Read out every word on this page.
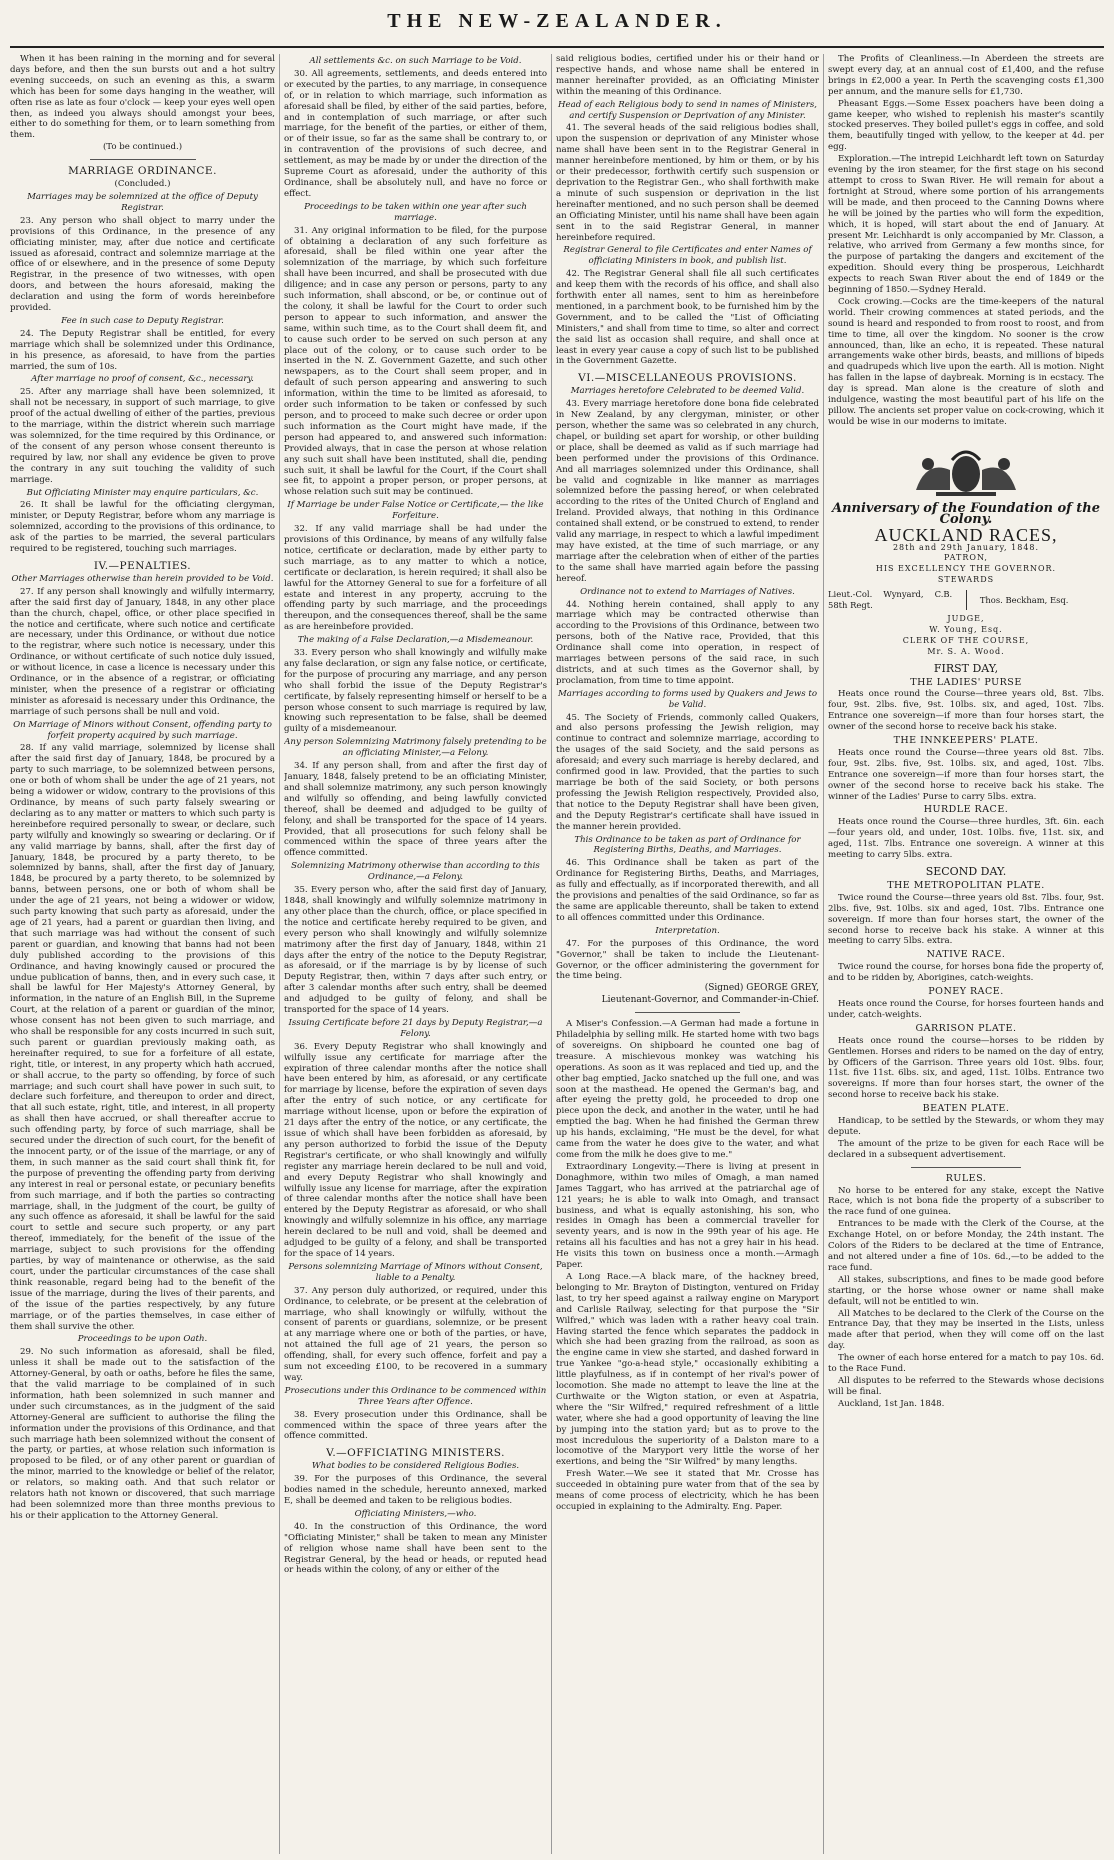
THE NEW-ZEALANDER.

When it has been raining in the morning and for several days before, and then the sun bursts out and a hot sultry evening succeeds, on such an evening as this, a swarm which has been for some days hanging in the weather, will often rise as late as four o'clock — keep your eyes well open then, as indeed you always should amongst your bees, either to do something for them, or to learn something from them.

(To be continued.)

MARRIAGE ORDINANCE.

(Concluded.)

Marriages may be solemnized at the office of Deputy Registrar.

23. Any person who shall object to marry under the provisions of this Ordinance, in the presence of any officiating minister, may, after due notice and certificate issued as aforesaid, contract and solemnize marriage at the office of or elsewhere, and in the presence of some Deputy Registrar, in the presence of two witnesses, with open doors, and between the hours aforesaid, making the declaration and using the form of words hereinbefore provided.

Fee in such case to Deputy Registrar.

24. The Deputy Registrar shall be entitled, for every marriage which shall be solemnized under this Ordinance, in his presence, as aforesaid, to have from the parties married, the sum of 10s.

After marriage no proof of consent, &c., necessary.

25. After any marriage shall have been solemnized, it shall not be necessary, in support of such marriage, to give proof of the actual dwelling of either of the parties, previous to the marriage, within the district wherein such marriage was solemnized, for the time required by this Ordinance, or of the consent of any person whose consent thereunto is required by law, nor shall any evidence be given to prove the contrary in any suit touching the validity of such marriage.

But Officiating Minister may enquire particulars, &c.

26. It shall be lawful for the officiating clergyman, minister, or Deputy Registrar, before whom any marriage is solemnized, according to the provisions of this ordinance, to ask of the parties to be married, the several particulars required to be registered, touching such marriages.

IV.—PENALTIES.

Other Marriages otherwise than herein provided to be Void.

27. If any person shall knowingly and wilfully intermarry, after the said first day of January, 1848, in any other place than the church, chapel, office, or other place specified in the notice and certificate, where such notice and certificate are necessary, under this Ordinance, or without due notice to the registrar, where such notice is necessary, under this Ordinance, or without certificate of such notice duly issued, or without licence, in case a licence is necessary under this Ordinance, or in the absence of a registrar, or officiating minister, when the presence of a registrar or officiating minister as aforesaid is necessary under this Ordinance, the marriage of such persons shall be null and void.

On Marriage of Minors without Consent, offending party to forfeit property acquired by such marriage.

28. If any valid marriage, solemnized by license shall after the said first day of January, 1848, be procured by a party to such marriage, to be solemnized between persons, one or both of whom shall be under the age of 21 years, not being a widower or widow, contrary to the provisions of this Ordinance, by means of such party falsely swearing or declaring as to any matter or matters to which such party is hereinbefore required personally to swear, or declare, such party wilfully and knowingly so swearing or declaring. Or if any valid marriage by banns, shall, after the first day of January, 1848, be procured by a party thereto, to be solemnized by banns, shall, after the first day of January, 1848, be procured by a party thereto, to be solemnized by banns, between persons, one or both of whom shall be under the age of 21 years, not being a widower or widow, such party knowing that such party as aforesaid, under the age of 21 years, had a parent or guardian then living, and that such marriage was had without the consent of such parent or guardian, and knowing that banns had not been duly published according to the provisions of this Ordinance, and having knowingly caused or procured the undue publication of banns, then, and in every such case, it shall be lawful for Her Majesty's Attorney General, by information, in the nature of an English Bill, in the Supreme Court, at the relation of a parent or guardian of the minor, whose consent has not been given to such marriage, and who shall be responsible for any costs incurred in such suit, such parent or guardian previously making oath, as hereinafter required, to sue for a forfeiture of all estate, right, title, or interest, in any property which hath accrued, or shall accrue, to the party so offending, by force of such marriage; and such court shall have power in such suit, to declare such forfeiture, and thereupon to order and direct, that all such estate, right, title, and interest, in all property as shall then have accrued, or shall thereafter accrue to such offending party, by force of such marriage, shall be secured under the direction of such court, for the benefit of the innocent party, or of the issue of the marriage, or any of them, in such manner as the said court shall think fit, for the purpose of preventing the offending party from deriving any interest in real or personal estate, or pecuniary benefits from such marriage, and if both the parties so contracting marriage, shall, in the judgment of the court, be guilty of any such offence as aforesaid, it shall be lawful for the said court to settle and secure such property, or any part thereof, immediately, for the benefit of the issue of the marriage, subject to such provisions for the offending parties, by way of maintenance or otherwise, as the said court, under the particular circumstances of the case shall think reasonable, regard being had to the benefit of the issue of the marriage, during the lives of their parents, and of the issue of the parties respectively, by any future marriage, or of the parties themselves, in case either of them shall survive the other.

Proceedings to be upon Oath.

29. No such information as aforesaid, shall be filed, unless it shall be made out to the satisfaction of the Attorney-General, by oath or oaths, before he files the same, that the valid marriage to be complained of in such information, hath been solemnized in such manner and under such circumstances, as in the judgment of the said Attorney-General are sufficient to authorise the filing the information under the provisions of this Ordinance, and that such marriage hath been solemnized without the consent of the party, or parties, at whose relation such information is proposed to be filed, or of any other parent or guardian of the minor, married to the knowledge or belief of the relator, or relators, so making oath. And that such relator or relators hath not known or discovered, that such marriage had been solemnized more than three months previous to his or their application to the Attorney General.

All settlements &c. on such Marriage to be Void.

30. All agreements, settlements, and deeds entered into or executed by the parties, to any marriage, in consequence of, or in relation to which marriage, such information as aforesaid shall be filed, by either of the said parties, before, and in contemplation of such marriage, or after such marriage, for the benefit of the parties, or either of them, or of their issue, so far as the same shall be contrary to, or in contravention of the provisions of such decree, and settlement, as may be made by or under the direction of the Supreme Court as aforesaid, under the authority of this Ordinance, shall be absolutely null, and have no force or effect.

Proceedings to be taken within one year after such marriage.

31. Any original information to be filed, for the purpose of obtaining a declaration of any such forfeiture as aforesaid, shall be filed within one year after the solemnization of the marriage, by which such forfeiture shall have been incurred, and shall be prosecuted with due diligence; and in case any person or persons, party to any such information, shall abscond, or be, or continue out of the colony, it shall be lawful for the Court to order such person to appear to such information, and answer the same, within such time, as to the Court shall deem fit, and to cause such order to be served on such person at any place out of the colony, or to cause such order to be inserted in the N. Z. Government Gazette, and such other newspapers, as to the Court shall seem proper, and in default of such person appearing and answering to such information, within the time to be limited as aforesaid, to order such information to be taken or confessed by such person, and to proceed to make such decree or order upon such information as the Court might have made, if the person had appeared to, and answered such information: Provided always, that in case the person at whose relation any such suit shall have been instituted, shall die, pending such suit, it shall be lawful for the Court, if the Court shall see fit, to appoint a proper person, or proper persons, at whose relation such suit may be continued.

If Marriage be under False Notice or Certificate,— the like Forfeiture.

32. If any valid marriage shall be had under the provisions of this Ordinance, by means of any wilfully false notice, certificate or declaration, made by either party to such marriage, as to any matter to which a notice, certificate or declaration, is herein required; it shall also be lawful for the Attorney General to sue for a forfeiture of all estate and interest in any property, accruing to the offending party by such marriage, and the proceedings thereupon, and the consequences thereof, shall be the same as are hereinbefore provided.

The making of a False Declaration,—a Misdemeanour.

33. Every person who shall knowingly and wilfully make any false declaration, or sign any false notice, or certificate, for the purpose of procuring any marriage, and any person who shall forbid the issue of the Deputy Registrar's certificate, by falsely representing himself or herself to be a person whose consent to such marriage is required by law, knowing such representation to be false, shall be deemed guilty of a misdemeanour.

Any person Solemnizing Matrimony falsely pretending to be an officiating Minister,—a Felony.

34. If any person shall, from and after the first day of January, 1848, falsely pretend to be an officiating Minister, and shall solemnize matrimony, any such person knowingly and wilfully so offending, and being lawfully convicted thereof, shall be deemed and adjudged to be guilty of felony, and shall be transported for the space of 14 years. Provided, that all prosecutions for such felony shall be commenced within the space of three years after the offence committed.

Solemnizing Matrimony otherwise than according to this Ordinance,—a Felony.

35. Every person who, after the said first day of January, 1848, shall knowingly and wilfully solemnize matrimony in any other place than the church, office, or place specified in the notice and certificate hereby required to be given, and every person who shall knowingly and wilfully solemnize matrimony after the first day of January, 1848, within 21 days after the entry of the notice to the Deputy Registrar, as aforesaid, or if the marriage is by by license of such Deputy Registrar, then, within 7 days after such entry, or after 3 calendar months after such entry, shall be deemed and adjudged to be guilty of felony, and shall be transported for the space of 14 years.

Issuing Certificate before 21 days by Deputy Registrar,—a Felony.

36. Every Deputy Registrar who shall knowingly and wilfully issue any certificate for marriage after the expiration of three calendar months after the notice shall have been entered by him, as aforesaid, or any certificate for marriage by license, before the expiration of seven days after the entry of such notice, or any certificate for marriage without license, upon or before the expiration of 21 days after the entry of the notice, or any certificate, the issue of which shall have been forbidden as aforesaid, by any person authorized to forbid the issue of the Deputy Registrar's certificate, or who shall knowingly and wilfully register any marriage herein declared to be null and void, and every Deputy Registrar who shall knowingly and wilfully issue any license for marriage, after the expiration of three calendar months after the notice shall have been entered by the Deputy Registrar as aforesaid, or who shall knowingly and wilfully solemnize in his office, any marriage herein declared to be null and void, shall be deemed and adjudged to be guilty of a felony, and shall be transported for the space of 14 years.

Persons solemnizing Marriage of Minors without Consent, liable to a Penalty.

37. Any person duly authorized, or required, under this Ordinance, to celebrate, or be present at the celebration of marriage, who shall knowingly or wilfully, without the consent of parents or guardians, solemnize, or be present at any marriage where one or both of the parties, or have, not attained the full age of 21 years, the person so offending, shall, for every such offence, forfeit and pay a sum not exceeding £100, to be recovered in a summary way.

Prosecutions under this Ordinance to be commenced within Three Years after Offence.

38. Every prosecution under this Ordinance, shall be commenced within the space of three years after the offence committed.

V.—OFFICIATING MINISTERS.

What bodies to be considered Religious Bodies.

39. For the purposes of this Ordinance, the several bodies named in the schedule, hereunto annexed, marked E, shall be deemed and taken to be religious bodies.

Officiating Ministers,—who.

40. In the construction of this Ordinance, the word "Officiating Minister," shall be taken to mean any Minister of religion whose name shall have been sent to the Registrar General, by the head or heads, or reputed head or heads within the colony, of any or either of the

said religious bodies, certified under his or their hand or respective hands, and whose name shall be entered in manner hereinafter provided, as an Officiating Minister within the meaning of this Ordinance.

Head of each Religious body to send in names of Ministers, and certify Suspension or Deprivation of any Minister.

41. The several heads of the said religious bodies shall, upon the suspension or deprivation of any Minister whose name shall have been sent in to the Registrar General in manner hereinbefore mentioned, by him or them, or by his or their predecessor, forthwith certify such suspension or deprivation to the Registrar Gen., who shall forthwith make a minute of such suspension or deprivation in the list hereinafter mentioned, and no such person shall be deemed an Officiating Minister, until his name shall have been again sent in to the said Registrar General, in manner hereinbefore required.

Registrar General to file Certificates and enter Names of officiating Ministers in book, and publish list.

42. The Registrar General shall file all such certificates and keep them with the records of his office, and shall also forthwith enter all names, sent to him as hereinbefore mentioned, in a parchment book, to be furnished him by the Government, and to be called the "List of Officiating Ministers," and shall from time to time, so alter and correct the said list as occasion shall require, and shall once at least in every year cause a copy of such list to be published in the Government Gazette.

VI.—MISCELLANEOUS PROVISIONS.

Marriages heretofore Celebrated to be deemed Valid.

43. Every marriage heretofore done bona fide celebrated in New Zealand, by any clergyman, minister, or other person, whether the same was so celebrated in any church, chapel, or building set apart for worship, or other building or place, shall be deemed as valid as if such marriage had been performed under the provisions of this Ordinance. And all marriages solemnized under this Ordinance, shall be valid and cognizable in like manner as marriages solemnized before the passing hereof, or when celebrated according to the rites of the United Church of England and Ireland. Provided always, that nothing in this Ordinance contained shall extend, or be construed to extend, to render valid any marriage, in respect to which a lawful impediment may have existed, at the time of such marriage, or any marriage after the celebration when of either of the parties to the same shall have married again before the passing hereof.

Ordinance not to extend to Marriages of Natives.

44. Nothing herein contained, shall apply to any marriage which may be contracted otherwise than according to the Provisions of this Ordinance, between two persons, both of the Native race, Provided, that this Ordinance shall come into operation, in respect of marriages between persons of the said race, in such districts, and at such times as the Governor shall, by proclamation, from time to time appoint.

Marriages according to forms used by Quakers and Jews to be Valid.

45. The Society of Friends, commonly called Quakers, and also persons professing the Jewish religion, may continue to contract and solemnize marriage, according to the usages of the said Society, and the said persons as aforesaid; and every such marriage is hereby declared, and confirmed good in law. Provided, that the parties to such marriage be both of the said Society, or both persons professing the Jewish Religion respectively, Provided also, that notice to the Deputy Registrar shall have been given, and the Deputy Registrar's certificate shall have issued in the manner herein provided.

This Ordinance to be taken as part of Ordinance for Registering Births, Deaths, and Marriages.

46. This Ordinance shall be taken as part of the Ordinance for Registering Births, Deaths, and Marriages, as fully and effectually, as if incorporated therewith, and all the provisions and penalties of the said Ordinance, so far as the same are applicable thereunto, shall be taken to extend to all offences committed under this Ordinance.

Interpretation.

47. For the purposes of this Ordinance, the word "Governor," shall be taken to include the Lieutenant-Governor, or the officer administering the government for the time being.

(Signed) GEORGE GREY,

Lieutenant-Governor, and Commander-in-Chief.

A Miser's Confession.—A German had made a fortune in Philadelphia by selling milk. He started home with two bags of sovereigns. On shipboard he counted one bag of treasure. A mischievous monkey was watching his operations. As soon as it was replaced and tied up, and the other bag emptied, Jacko snatched up the full one, and was soon at the masthead. He opened the German's bag, and after eyeing the pretty gold, he proceeded to drop one piece upon the deck, and another in the water, until he had emptied the bag. When he had finished the German threw up his hands, exclaiming, "He must be the devel, for what came from the water he does give to the water, and what come from the milk he does give to me."

Extraordinary Longevity.—There is living at present in Donaghmore, within two miles of Omagh, a man named James Taggart, who has arrived at the patriarchal age of 121 years; he is able to walk into Omagh, and transact business, and what is equally astonishing, his son, who resides in Omagh has been a commercial traveller for seventy years, and is now in the 99th year of his age. He retains all his faculties and has not a grey hair in his head. He visits this town on business once a month.—Armagh Paper.

A Long Race.—A black mare, of the hackney breed, belonging to Mr. Brayton of Distington, ventured on Friday last, to try her speed against a railway engine on Maryport and Carlisle Railway, selecting for that purpose the "Sir Wilfred," which was laden with a rather heavy coal train. Having started the fence which separates the paddock in which she had been grazing from the railroad, as soon as the engine came in view she started, and dashed forward in true Yankee "go-a-head style," occasionally exhibiting a little playfulness, as if in contempt of her rival's power of locomotion. She made no attempt to leave the line at the Curthwaite or the Wigton station, or even at Aspatria, where the "Sir Wilfred," required refreshment of a little water, where she had a good opportunity of leaving the line by jumping into the station yard; but as to prove to the most incredulous the superiority of a Dalston mare to a locomotive of the Maryport very little the worse of her exertions, and being the "Sir Wilfred" by many lengths.

Fresh Water.—We see it stated that Mr. Crosse has succeeded in obtaining pure water from that of the sea by means of come process of electricity, which he has been occupied in explaining to the Admiralty. Eng. Paper.

The Profits of Cleanliness.—In Aberdeen the streets are swept every day, at an annual cost of £1,400, and the refuse brings in £2,000 a year. In Perth the scavenging costs £1,300 per annum, and the manure sells for £1,730.

Pheasant Eggs.—Some Essex poachers have been doing a game keeper, who wished to replenish his master's scantily stocked preserves. They boiled pullet's eggs in coffee, and sold them, beautifully tinged with yellow, to the keeper at 4d. per egg.

Exploration.—The intrepid Leichhardt left town on Saturday evening by the iron steamer, for the first stage on his second attempt to cross to Swan River. He will remain for about a fortnight at Stroud, where some portion of his arrangements will be made, and then proceed to the Canning Downs where he will be joined by the parties who will form the expedition, which, it is hoped, will start about the end of January. At present Mr. Leichhardt is only accompanied by Mr. Classon, a relative, who arrived from Germany a few months since, for the purpose of partaking the dangers and excitement of the expedition. Should every thing be prosperous, Leichhardt expects to reach Swan River about the end of 1849 or the beginning of 1850.—Sydney Herald.

Cock crowing.—Cocks are the time-keepers of the natural world. Their crowing commences at stated periods, and the sound is heard and responded to from roost to roost, and from time to time, all over the kingdom. No sooner is the crow announced, than, like an echo, it is repeated. These natural arrangements wake other birds, beasts, and millions of bipeds and quadrupeds which live upon the earth. All is motion. Night has fallen in the lapse of daybreak. Morning is in ecstacy. The day is spread. Man alone is the creature of sloth and indulgence, wasting the most beautiful part of his life on the pillow. The ancients set proper value on cock-crowing, which it would be wise in our moderns to imitate.

Anniversary of the Foundation of the Colony.
AUCKLAND RACES,
28th and 29th January, 1848.
PATRON,
HIS EXCELLENCY THE GOVERNOR.
STEWARDS
Lieut.-Col. Wynyard, C.B. 58th Regt.
Thos. Beckham, Esq.
JUDGE,
W. Young, Esq.
CLERK OF THE COURSE,
Mr. S. A. Wood.
FIRST DAY,
THE LADIES' PURSE

Heats once round the Course—three years old, 8st. 7lbs. four, 9st. 2lbs. five, 9st. 10lbs. six, and aged, 10st. 7lbs. Entrance one sovereign—if more than four horses start, the owner of the second horse to receive back his stake.

THE INNKEEPERS' PLATE.

Heats once round the Course—three years old 8st. 7lbs. four, 9st. 2lbs. five, 9st. 10lbs. six, and aged, 10st. 7lbs. Entrance one sovereign—if more than four horses start, the owner of the second horse to receive back his stake. The winner of the Ladies' Purse to carry 5lbs. extra.

HURDLE RACE.

Heats once round the Course—three hurdles, 3ft. 6in. each—four years old, and under, 10st. 10lbs. five, 11st. six, and aged, 11st. 7lbs. Entrance one sovereign. A winner at this meeting to carry 5lbs. extra.

SECOND DAY.
THE METROPOLITAN PLATE.

Twice round the Course—three years old 8st. 7lbs. four, 9st. 2lbs. five, 9st. 10lbs. six and aged, 10st. 7lbs. Entrance one sovereign. If more than four horses start, the owner of the second horse to receive back his stake. A winner at this meeting to carry 5lbs. extra.

NATIVE RACE.

Twice round the course, for horses bona fide the property of, and to be ridden by, Aborigines, catch-weights.

PONEY RACE.

Heats once round the Course, for horses fourteen hands and under, catch-weights.

GARRISON PLATE.

Heats once round the course—horses to be ridden by Gentlemen. Horses and riders to be named on the day of entry, by Officers of the Garrison. Three years old 10st. 9lbs. four, 11st. five 11st. 6lbs. six, and aged, 11st. 10lbs. Entrance two sovereigns. If more than four horses start, the owner of the second horse to receive back his stake.

BEATEN PLATE.

Handicap, to be settled by the Stewards, or whom they may depute.

The amount of the prize to be given for each Race will be declared in a subsequent advertisement.

RULES.

No horse to be entered for any stake, except the Native Race, which is not bona fide the property of a subscriber to the race fund of one guinea.

Entrances to be made with the Clerk of the Course, at the Exchange Hotel, on or before Monday, the 24th instant. The Colors of the Riders to be declared at the time of Entrance, and not altered under a fine of 10s. 6d.,—to be added to the race fund.

All stakes, subscriptions, and fines to be made good before starting, or the horse whose owner or name shall make default, will not be entitled to win.

All Matches to be declared to the Clerk of the Course on the Entrance Day, that they may be inserted in the Lists, unless made after that period, when they will come off on the last day.

The owner of each horse entered for a match to pay 10s. 6d. to the Race Fund.

All disputes to be referred to the Stewards whose decisions will be final.

Auckland, 1st Jan. 1848.
